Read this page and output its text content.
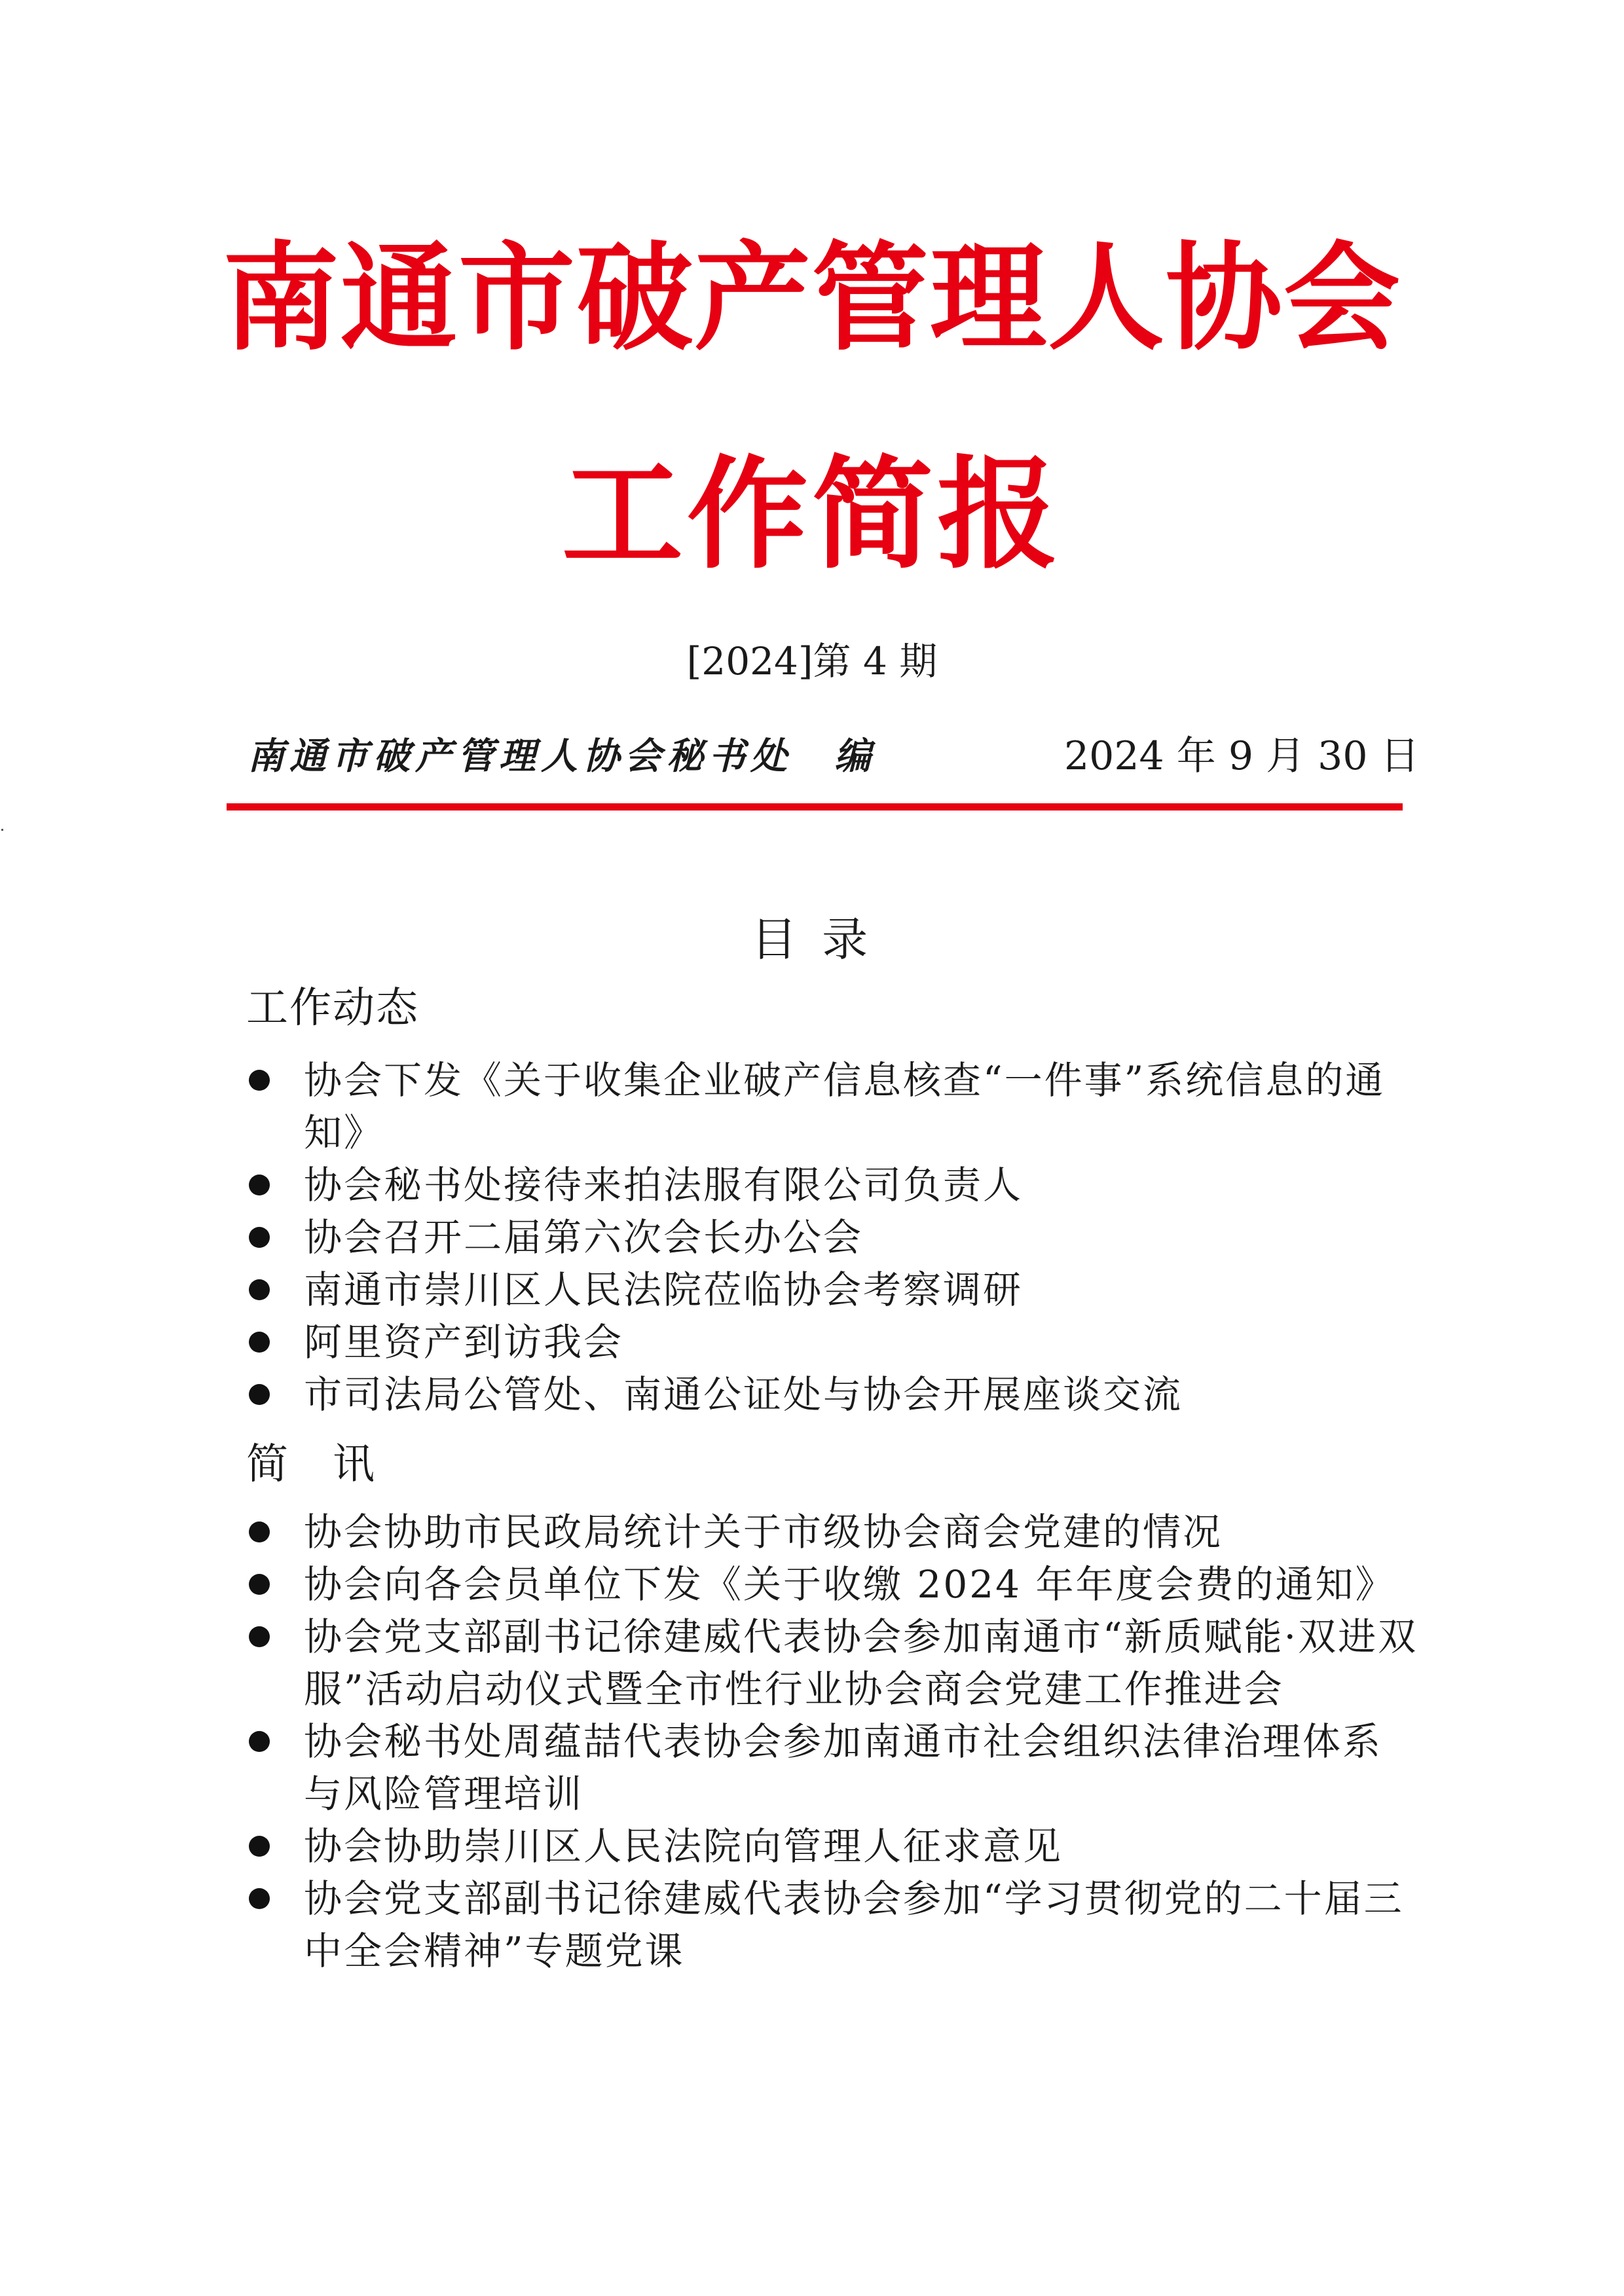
南通市破产管理人协会
工作简报
[2024]第 4 期
南通市破产管理人协会秘书处　编	2024 年 9 月 30 日
目 录
工作动态
协会下发《关于收集企业破产信息核查“一件事”系统信息的通知》
协会秘书处接待来拍法服有限公司负责人
协会召开二届第六次会长办公会
南通市崇川区人民法院莅临协会考察调研
阿里资产到访我会
市司法局公管处、南通公证处与协会开展座谈交流
简　讯
协会协助市民政局统计关于市级协会商会党建的情况
协会向各会员单位下发《关于收缴 2024 年年度会费的通知》
协会党支部副书记徐建威代表协会参加南通市“新质赋能·双进双服”活动启动仪式暨全市性行业协会商会党建工作推进会
协会秘书处周蕴喆代表协会参加南通市社会组织法律治理体系与风险管理培训
协会协助崇川区人民法院向管理人征求意见
协会党支部副书记徐建威代表协会参加“学习贯彻党的二十届三中全会精神”专题党课
